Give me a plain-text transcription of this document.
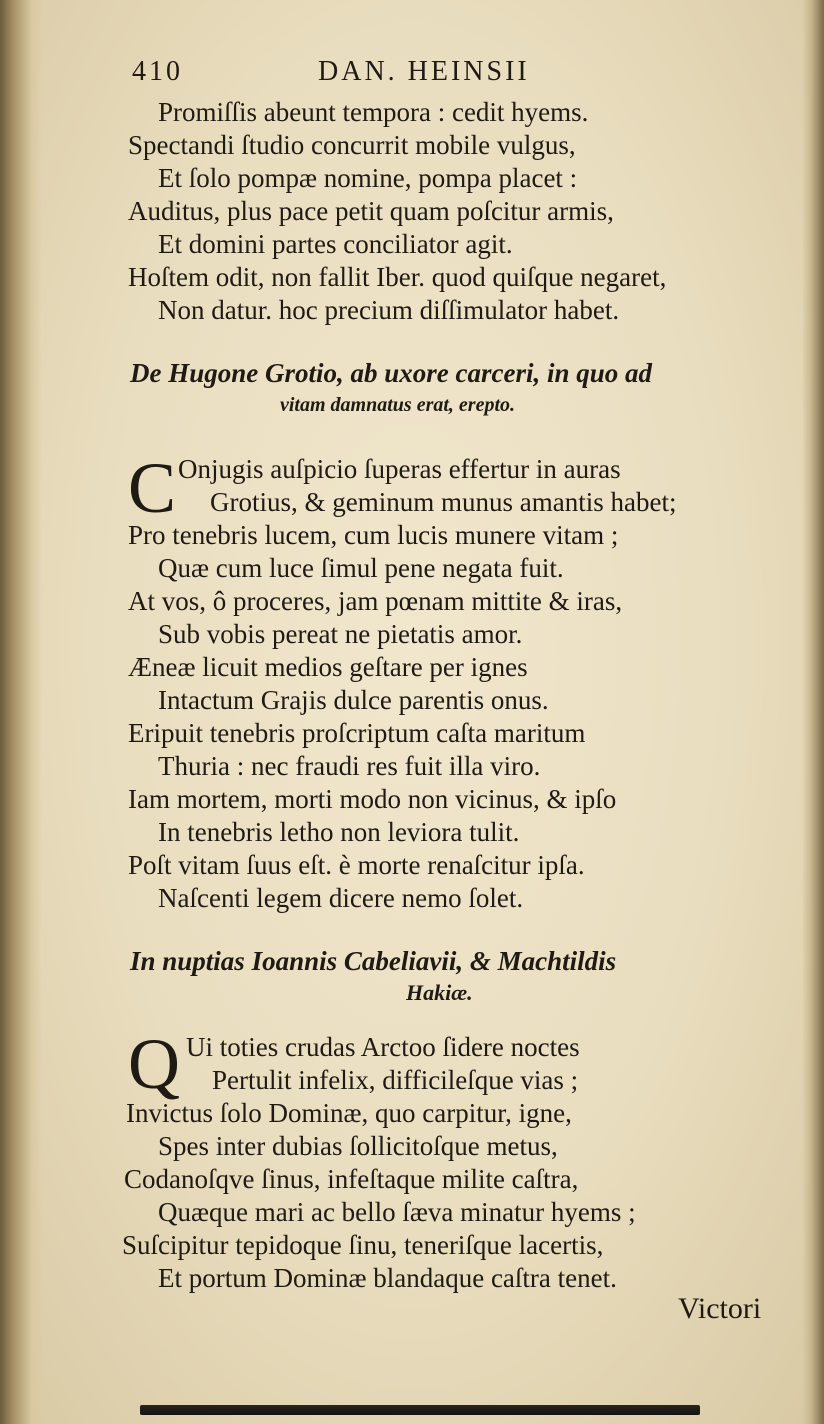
410	DAN. HEINSII
Promiſſis abeunt tempora : cedit hyems.
Spectandi ſtudio concurrit mobile vulgus,
Et ſolo pompæ nomine, pompa placet :
Auditus, plus pace petit quam poſcitur armis,
Et domini partes conciliator agit.
Hoſtem odit, non fallit Iber. quod quiſque negaret,
Non datur. hoc precium diſſimulator habet.
De Hugone Grotio, ab uxore carceri, in quo ad
vitam damnatus erat, erepto.
C Onjugis auſpicio ſuperas effertur in auras
Grotius, & geminum munus amantis habet;
Pro tenebris lucem, cum lucis munere vitam ;
Quæ cum luce ſimul pene negata fuit.
At vos, ô proceres, jam pœnam mittite & iras,
Sub vobis pereat ne pietatis amor.
Æneæ licuit medios geſtare per ignes
Intactum Grajis dulce parentis onus.
Eripuit tenebris proſcriptum caſta maritum
Thuria : nec fraudi res fuit illa viro.
Iam mortem, morti modo non vicinus, & ipſo
In tenebris letho non leviora tulit.
Poſt vitam ſuus eſt. è morte renaſcitur ipſa.
Naſcenti legem dicere nemo ſolet.
In nuptias Ioannis Cabeliavii, & Machtildis
Hakiæ.
Q Ui toties crudas Arctoo ſidere noctes
Pertulit infelix, difficileſque vias ;
Invictus ſolo Dominæ, quo carpitur, igne,
Spes inter dubias ſollicitoſque metus,
Codanoſqve ſinus, infeſtaque milite caſtra,
Quæque mari ac bello ſæva minatur hyems ;
Suſcipitur tepidoque ſinu, teneriſque lacertis,
Et portum Dominæ blandaque caſtra tenet.
Victori
